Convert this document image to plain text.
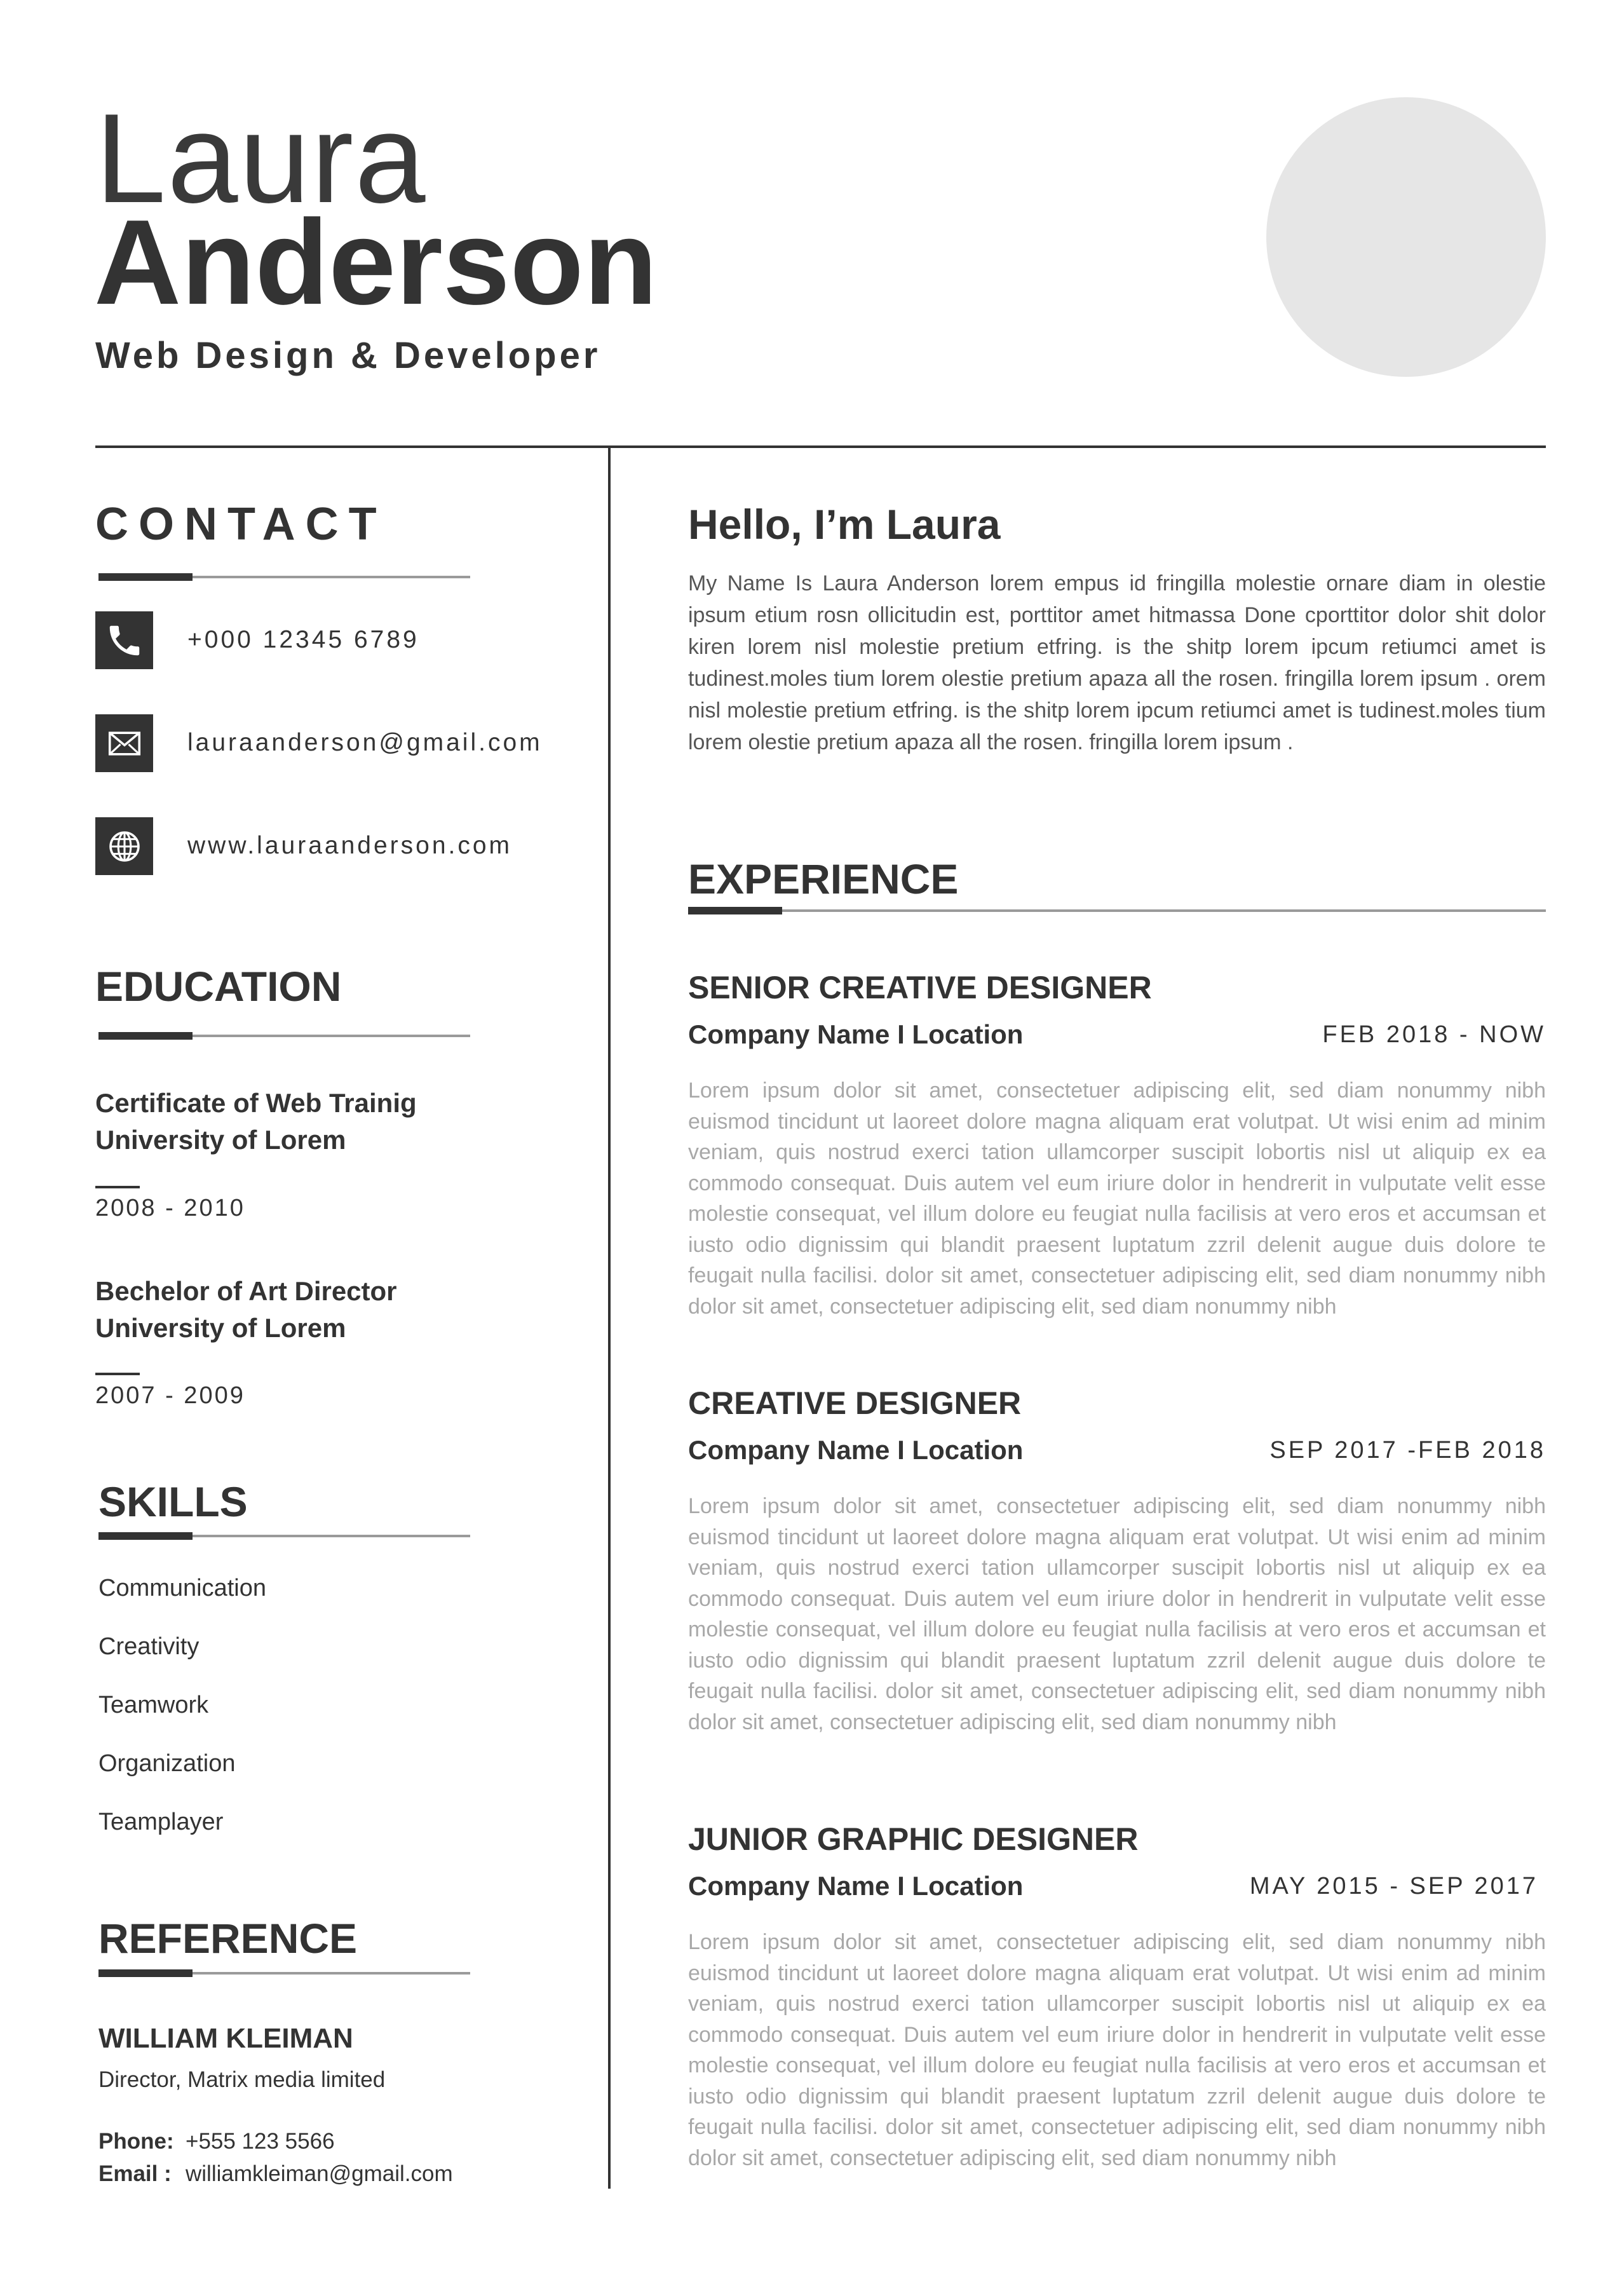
Laura
Anderson
Web Design & Developer
CONTACT
+000 12345 6789
lauraanderson@gmail.com
www.lauraanderson.com
EDUCATION
Certificate of Web Trainig
University of Lorem
2008 - 2010
Bechelor of Art Director
University of Lorem
2007 - 2009
SKILLS
Communication
Creativity
Teamwork
Organization
Teamplayer
REFERENCE
WILLIAM KLEIMAN
Director, Matrix media limited
Phone: +555 123 5566
Email : williamkleiman@gmail.com
Hello, I’m Laura
My Name Is Laura Anderson lorem empus id fringilla molestie ornare diam in olestie ipsum etium rosn ollicitudin est, porttitor amet hitmassa Done cporttitor dolor shit dolor kiren lorem nisl molestie pretium etfring. is the shitp lorem ipcum retiumci amet is tudinest.moles tium lorem olestie pretium apaza all the rosen. fringilla lorem ipsum . orem nisl molestie pretium etfring. is the shitp lorem ipcum retiumci amet is tudinest.moles tium lorem olestie pretium apaza all the rosen. fringilla lorem ipsum .
EXPERIENCE
SENIOR CREATIVE DESIGNER
Company Name I Location	FEB 2018 - NOW
Lorem ipsum dolor sit amet, consectetuer adipiscing elit, sed diam nonummy nibh euismod tincidunt ut laoreet dolore magna aliquam erat volutpat. Ut wisi enim ad minim veniam, quis nostrud exerci tation ullamcorper suscipit lobortis nisl ut aliquip ex ea commodo consequat. Duis autem vel eum iriure dolor in hendrerit in vulputate velit esse molestie consequat, vel illum dolore eu feugiat nulla facilisis at vero eros et accumsan et iusto odio dignissim qui blandit praesent luptatum zzril delenit augue duis dolore te feugait nulla facilisi. dolor sit amet, consectetuer adipiscing elit, sed diam nonummy nibh dolor sit amet, consectetuer adipiscing elit, sed diam nonummy nibh
CREATIVE DESIGNER
Company Name I Location	SEP 2017 -FEB 2018
Lorem ipsum dolor sit amet, consectetuer adipiscing elit, sed diam nonummy nibh euismod tincidunt ut laoreet dolore magna aliquam erat volutpat. Ut wisi enim ad minim veniam, quis nostrud exerci tation ullamcorper suscipit lobortis nisl ut aliquip ex ea commodo consequat. Duis autem vel eum iriure dolor in hendrerit in vulputate velit esse molestie consequat, vel illum dolore eu feugiat nulla facilisis at vero eros et accumsan et iusto odio dignissim qui blandit praesent luptatum zzril delenit augue duis dolore te feugait nulla facilisi. dolor sit amet, consectetuer adipiscing elit, sed diam nonummy nibh dolor sit amet, consectetuer adipiscing elit, sed diam nonummy nibh
JUNIOR GRAPHIC DESIGNER
Company Name I Location	MAY 2015 - SEP 2017
Lorem ipsum dolor sit amet, consectetuer adipiscing elit, sed diam nonummy nibh euismod tincidunt ut laoreet dolore magna aliquam erat volutpat. Ut wisi enim ad minim veniam, quis nostrud exerci tation ullamcorper suscipit lobortis nisl ut aliquip ex ea commodo consequat. Duis autem vel eum iriure dolor in hendrerit in vulputate velit esse molestie consequat, vel illum dolore eu feugiat nulla facilisis at vero eros et accumsan et iusto odio dignissim qui blandit praesent luptatum zzril delenit augue duis dolore te feugait nulla facilisi. dolor sit amet, consectetuer adipiscing elit, sed diam nonummy nibh dolor sit amet, consectetuer adipiscing elit, sed diam nonummy nibh
